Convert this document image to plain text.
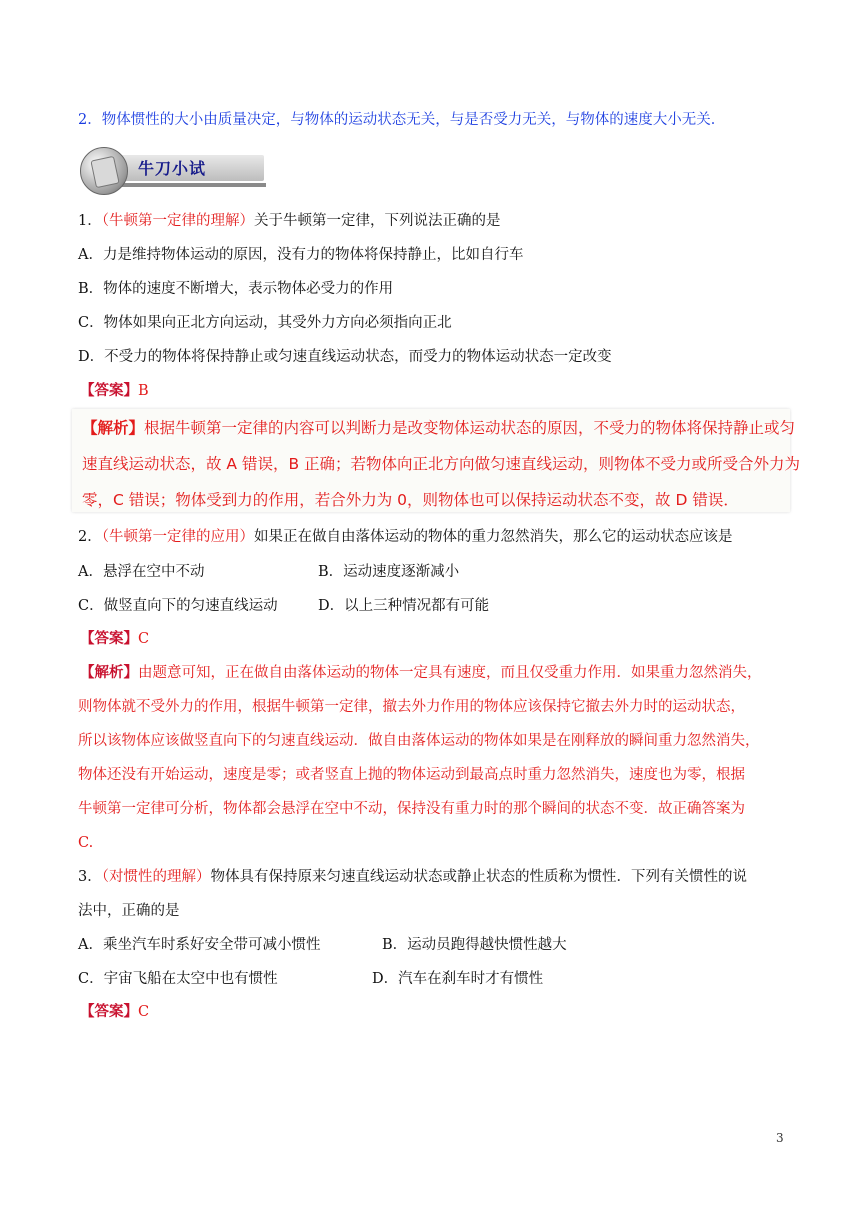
2．物体惯性的大小由质量决定，与物体的运动状态无关，与是否受力无关，与物体的速度大小无关．
牛刀小试
1．（牛顿第一定律的理解）关于牛顿第一定律，下列说法正确的是
A．力是维持物体运动的原因，没有力的物体将保持静止，比如自行车
B．物体的速度不断增大，表示物体必受力的作用
C．物体如果向正北方向运动，其受外力方向必须指向正北
D．不受力的物体将保持静止或匀速直线运动状态，而受力的物体运动状态一定改变
【答案】B
【解析】根据牛顿第一定律的内容可以判断力是改变物体运动状态的原因，不受力的物体将保持静止或匀
速直线运动状态，故 A 错误，B 正确；若物体向正北方向做匀速直线运动，则物体不受力或所受合外力为
零，C 错误；物体受到力的作用，若合外力为 0，则物体也可以保持运动状态不变，故 D 错误．
2．（牛顿第一定律的应用）如果正在做自由落体运动的物体的重力忽然消失，那么它的运动状态应该是
A．悬浮在空中不动	B．运动速度逐渐减小
C．做竖直向下的匀速直线运动	D．以上三种情况都有可能
【答案】C
【解析】由题意可知，正在做自由落体运动的物体一定具有速度，而且仅受重力作用．如果重力忽然消失，
则物体就不受外力的作用，根据牛顿第一定律，撤去外力作用的物体应该保持它撤去外力时的运动状态，
所以该物体应该做竖直向下的匀速直线运动．做自由落体运动的物体如果是在刚释放的瞬间重力忽然消失，
物体还没有开始运动，速度是零；或者竖直上抛的物体运动到最高点时重力忽然消失，速度也为零，根据
牛顿第一定律可分析，物体都会悬浮在空中不动，保持没有重力时的那个瞬间的状态不变．故正确答案为
C.
3．（对惯性的理解）物体具有保持原来匀速直线运动状态或静止状态的性质称为惯性．下列有关惯性的说
法中，正确的是
A．乘坐汽车时系好安全带可减小惯性	B．运动员跑得越快惯性越大
C．宇宙飞船在太空中也有惯性	D．汽车在刹车时才有惯性
【答案】C
3
